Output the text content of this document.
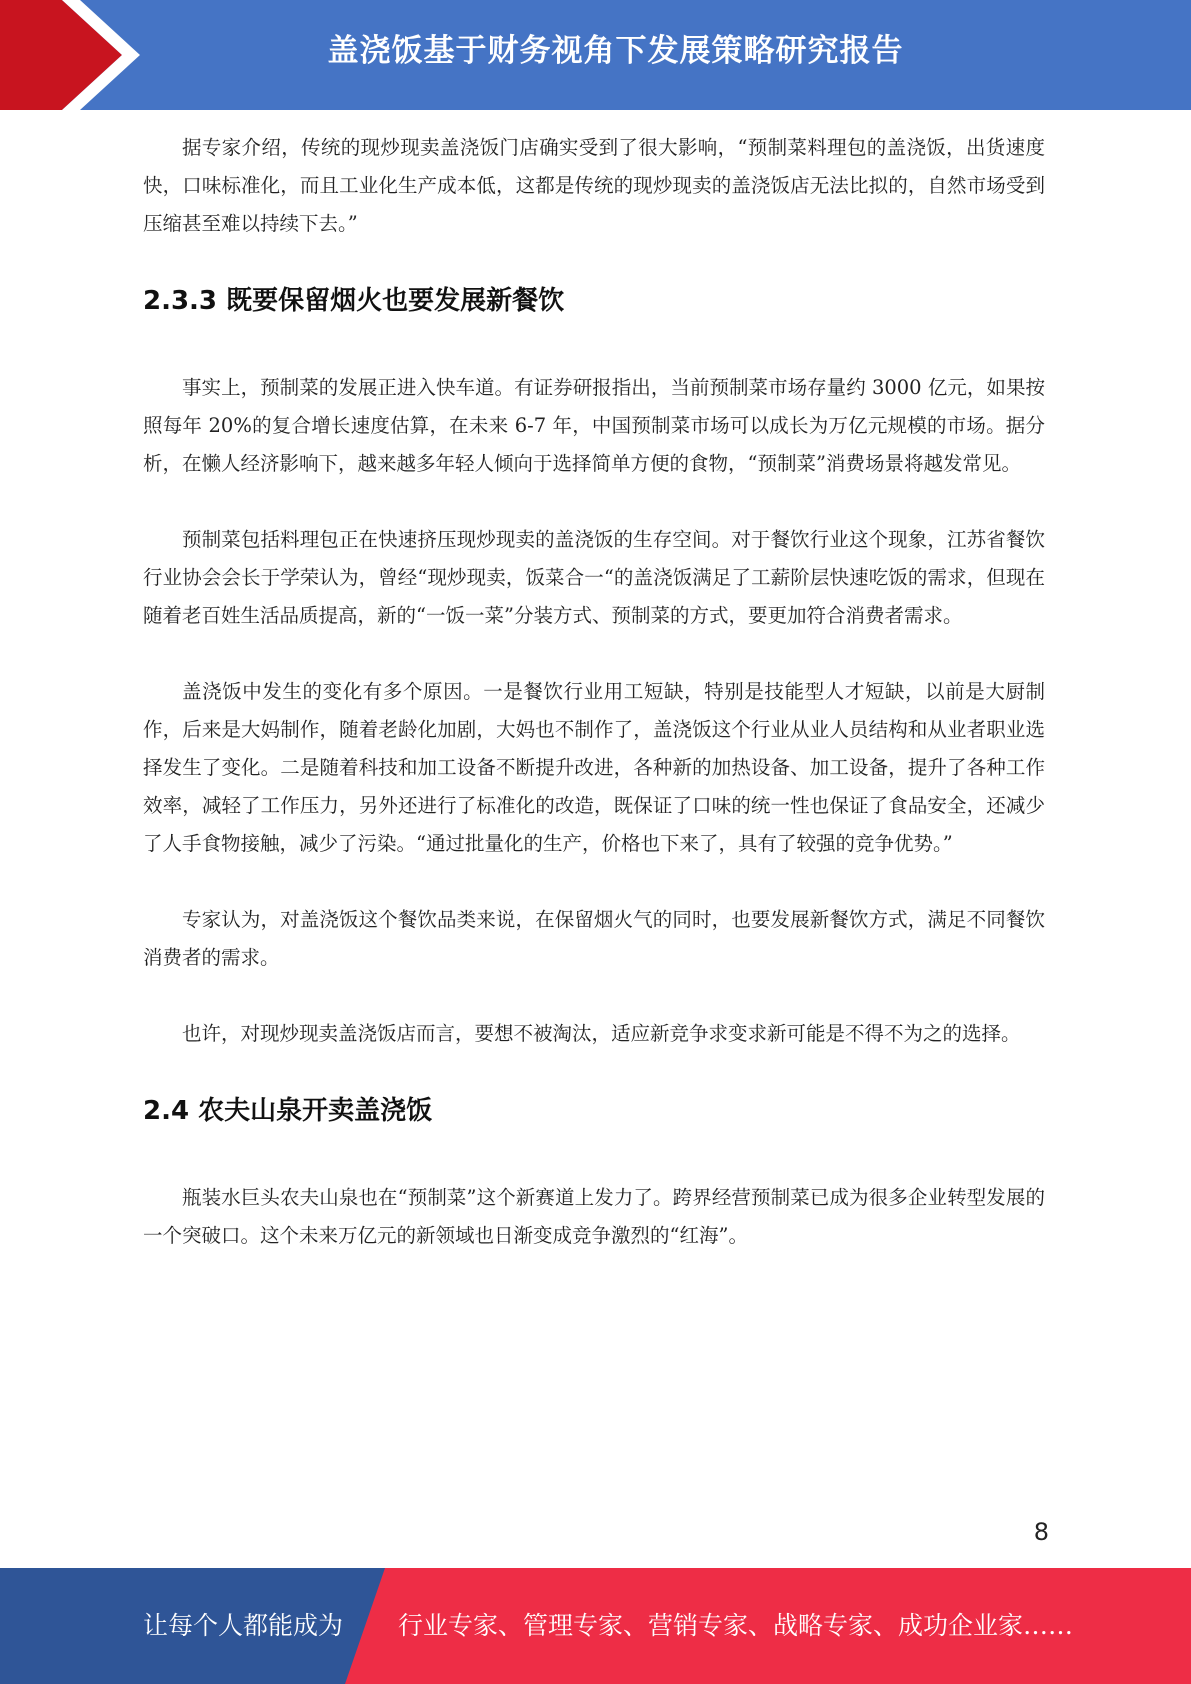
盖浇饭基于财务视角下发展策略研究报告

据专家介绍，传统的现炒现卖盖浇饭门店确实受到了很大影响，“预制菜料理包的盖浇饭，出货速度快，口味标准化，而且工业化生产成本低，这都是传统的现炒现卖的盖浇饭店无法比拟的，自然市场受到压缩甚至难以持续下去。”

2.3.3 既要保留烟火也要发展新餐饮

事实上，预制菜的发展正进入快车道。有证券研报指出，当前预制菜市场存量约 3000 亿元，如果按照每年 20%的复合增长速度估算，在未来 6-7 年，中国预制菜市场可以成长为万亿元规模的市场。据分析，在懒人经济影响下，越来越多年轻人倾向于选择简单方便的食物，“预制菜”消费场景将越发常见。

预制菜包括料理包正在快速挤压现炒现卖的盖浇饭的生存空间。对于餐饮行业这个现象，江苏省餐饮行业协会会长于学荣认为，曾经“现炒现卖，饭菜合一“的盖浇饭满足了工薪阶层快速吃饭的需求，但现在随着老百姓生活品质提高，新的“一饭一菜”分装方式、预制菜的方式，要更加符合消费者需求。

盖浇饭中发生的变化有多个原因。一是餐饮行业用工短缺，特别是技能型人才短缺，以前是大厨制作，后来是大妈制作，随着老龄化加剧，大妈也不制作了，盖浇饭这个行业从业人员结构和从业者职业选择发生了变化。二是随着科技和加工设备不断提升改进，各种新的加热设备、加工设备，提升了各种工作效率，减轻了工作压力，另外还进行了标准化的改造，既保证了口味的统一性也保证了食品安全，还减少了人手食物接触，减少了污染。“通过批量化的生产，价格也下来了，具有了较强的竞争优势。”

专家认为，对盖浇饭这个餐饮品类来说，在保留烟火气的同时，也要发展新餐饮方式，满足不同餐饮消费者的需求。

也许，对现炒现卖盖浇饭店而言，要想不被淘汰，适应新竞争求变求新可能是不得不为之的选择。

2.4 农夫山泉开卖盖浇饭

瓶装水巨头农夫山泉也在“预制菜”这个新赛道上发力了。跨界经营预制菜已成为很多企业转型发展的一个突破口。这个未来万亿元的新领域也日渐变成竞争激烈的“红海”。

8
让每个人都能成为 行业专家、管理专家、营销专家、战略专家、成功企业家……
